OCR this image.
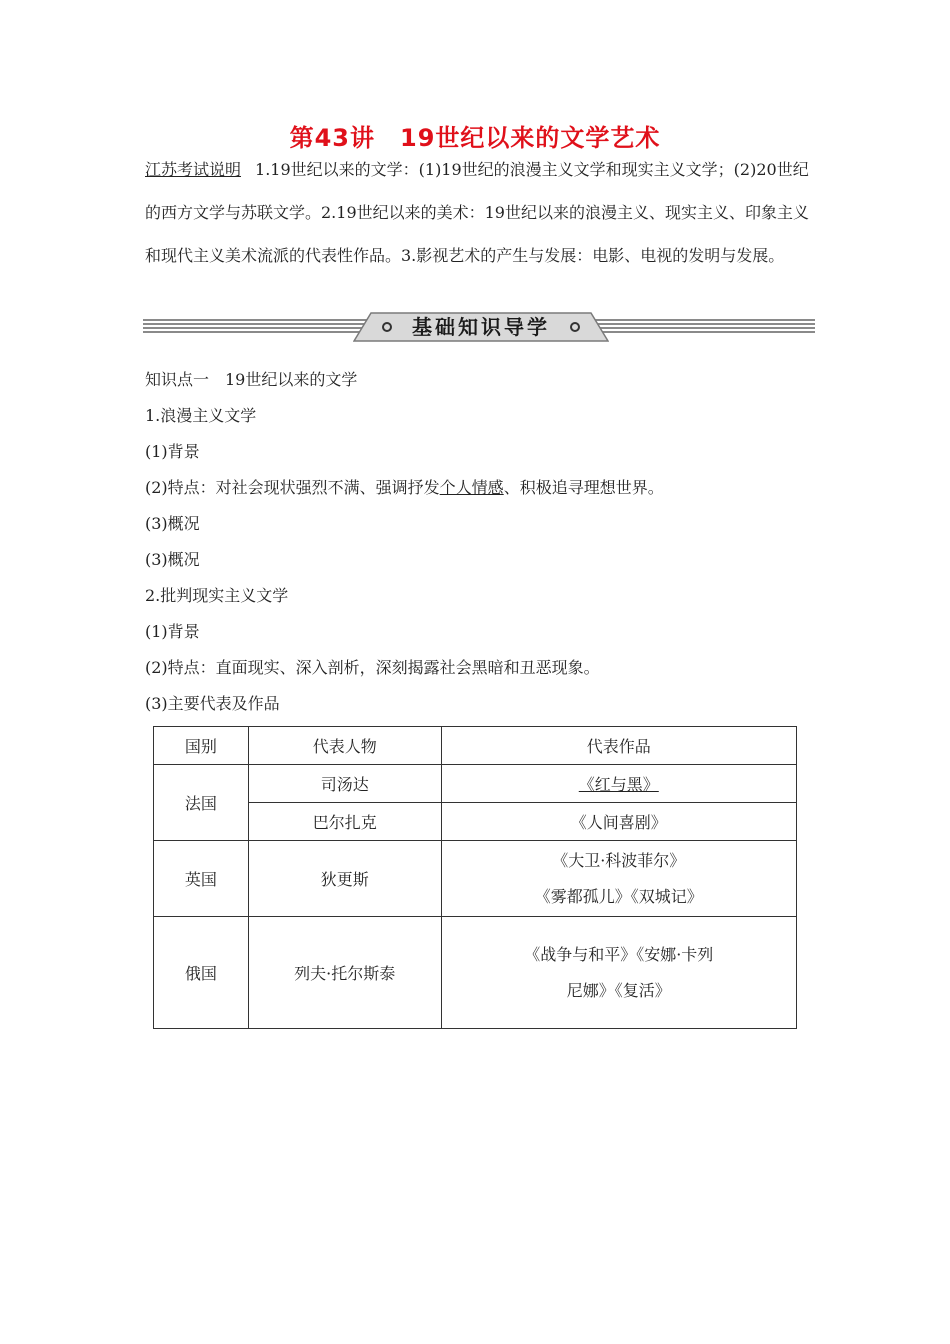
第43讲　19世纪以来的文学艺术
江苏考试说明 1.19世纪以来的文学：(1)19世纪的浪漫主义文学和现实主义文学；(2)20世纪的西方文学与苏联文学。2.19世纪以来的美术：19世纪以来的浪漫主义、现实主义、印象主义和现代主义美术流派的代表性作品。3.影视艺术的产生与发展：电影、电视的发明与发展。
基础知识导学
知识点一　19世纪以来的文学
1.浪漫主义文学
(1)背景
(2)特点：对社会现状强烈不满、强调抒发个人情感、积极追寻理想世界。
(3)概况
(3)概况
2.批判现实主义文学
(1)背景
(2)特点：直面现实、深入剖析，深刻揭露社会黑暗和丑恶现象。
(3)主要代表及作品
国别	代表人物	代表作品
法国	司汤达	《红与黑》
	巴尔扎克	《人间喜剧》
英国	狄更斯	《大卫·科波菲尔》
《雾都孤儿》《双城记》

俄国	列夫·托尔斯泰	《战争与和平》《安娜·卡列
尼娜》《复活》
